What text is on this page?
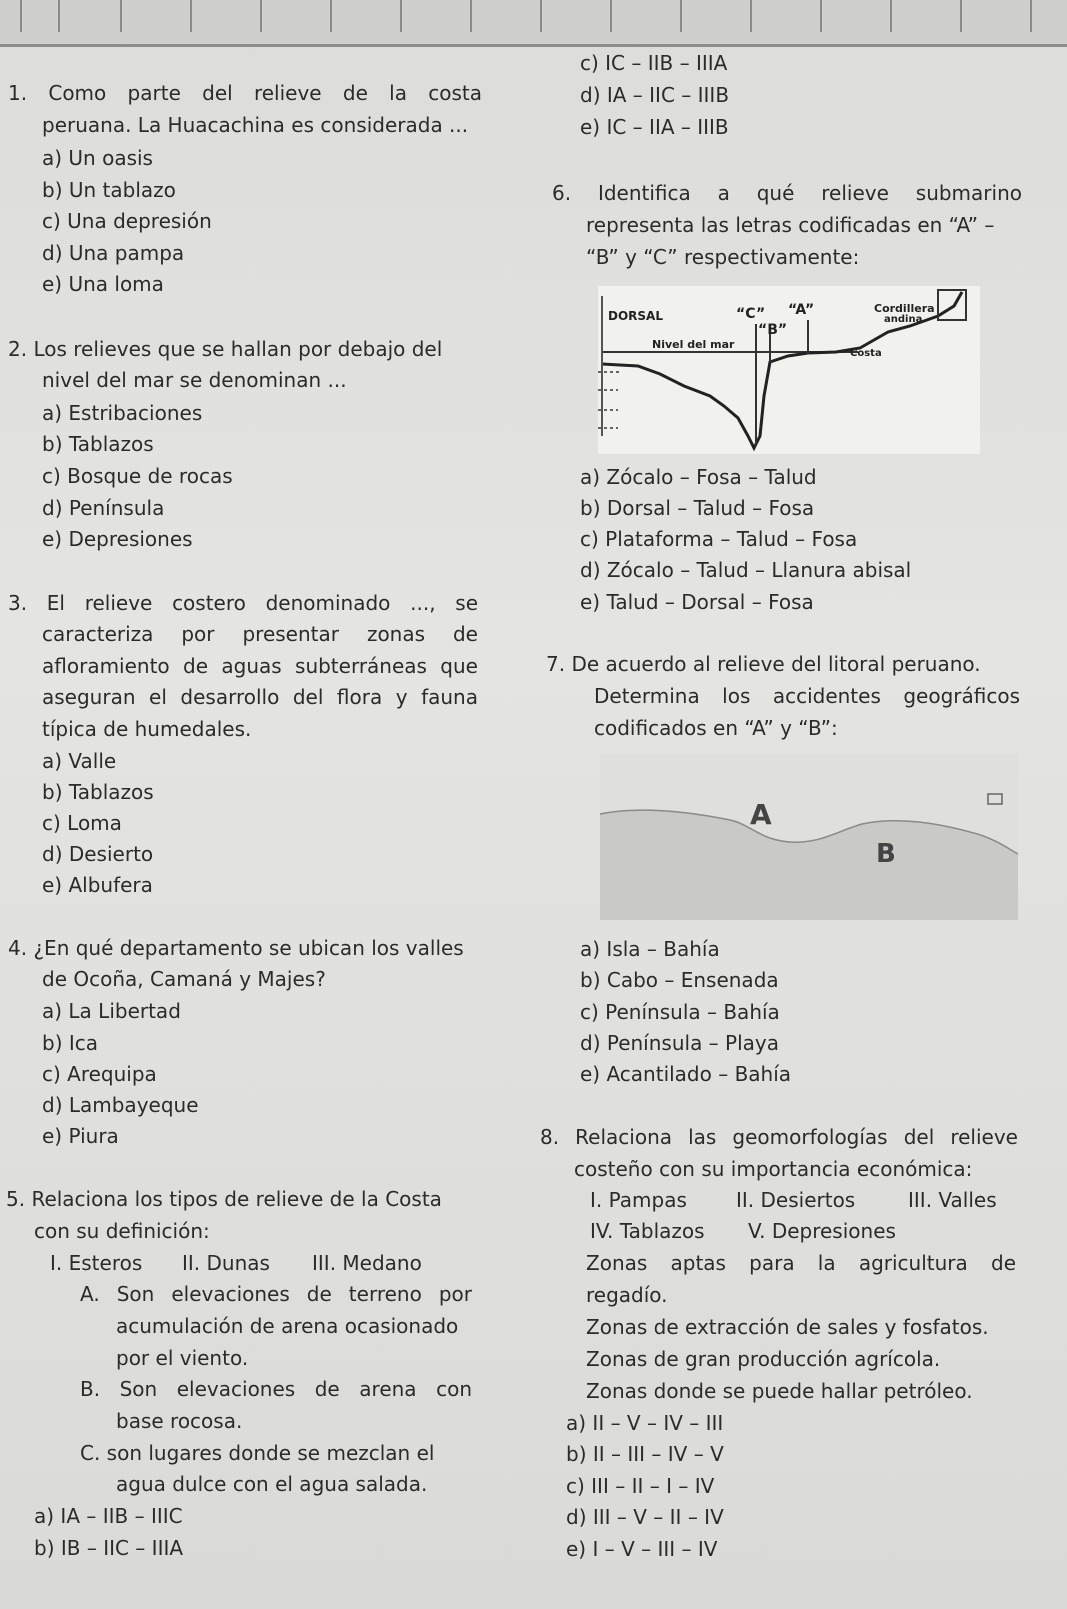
1. Como parte del relieve de la costa
peruana. La Huacachina es considerada ...
a) Un oasis
b) Un tablazo
c) Una depresión
d) Una pampa
e) Una loma
2. Los relieves que se hallan por debajo del
nivel del mar se denominan ...
a) Estribaciones
b) Tablazos
c) Bosque de rocas
d) Península
e) Depresiones
3. El relieve costero denominado ..., se
caracteriza por presentar zonas de
afloramiento de aguas subterráneas que
aseguran el desarrollo del flora y fauna
típica de humedales.
a) Valle
b) Tablazos
c) Loma
d) Desierto
e) Albufera
4. ¿En qué departamento se ubican los valles
de Ocoña, Camaná y Majes?
a) La Libertad
b) Ica
c) Arequipa
d) Lambayeque
e) Piura
5. Relaciona los tipos de relieve de la Costa
con su definición:
I. Esteros II. Dunas III. Medano
A. Son elevaciones de terreno por
acumulación de arena ocasionado
por el viento.
B. Son elevaciones de arena con
base rocosa.
C. son lugares donde se mezclan el
agua dulce con el agua salada.
a) IA – IIB – IIIC
b) IB – IIC – IIIA
c) IC – IIB – IIIA
d) IA – IIC – IIIB
e) IC – IIA – IIIB
6. Identifica a qué relieve submarino
representa las letras codificadas en “A” –
“B” y “C” respectivamente:
DORSAL	“C” “A”
“B”
Cordillera
andina
Nivel del mar
Costa
a) Zócalo – Fosa – Talud
b) Dorsal – Talud – Fosa
c) Plataforma – Talud – Fosa
d) Zócalo – Talud – Llanura abisal
e) Talud – Dorsal – Fosa
7. De acuerdo al relieve del litoral peruano.
Determina los accidentes geográficos
codificados en “A” y “B”:
A
B
a) Isla – Bahía
b) Cabo – Ensenada
c) Península – Bahía
d) Península – Playa
e) Acantilado – Bahía
8. Relaciona las geomorfologías del relieve
costeño con su importancia económica:
I. Pampas II. Desiertos	III. Valles
IV. Tablazos V. Depresiones
Zonas aptas para la agricultura de
regadío.
Zonas de extracción de sales y fosfatos.
Zonas de gran producción agrícola.
Zonas donde se puede hallar petróleo.
a) II – V – IV – III
b) II – III – IV – V
c) III – II – I – IV
d) III – V – II – IV
e) I – V – III – IV
